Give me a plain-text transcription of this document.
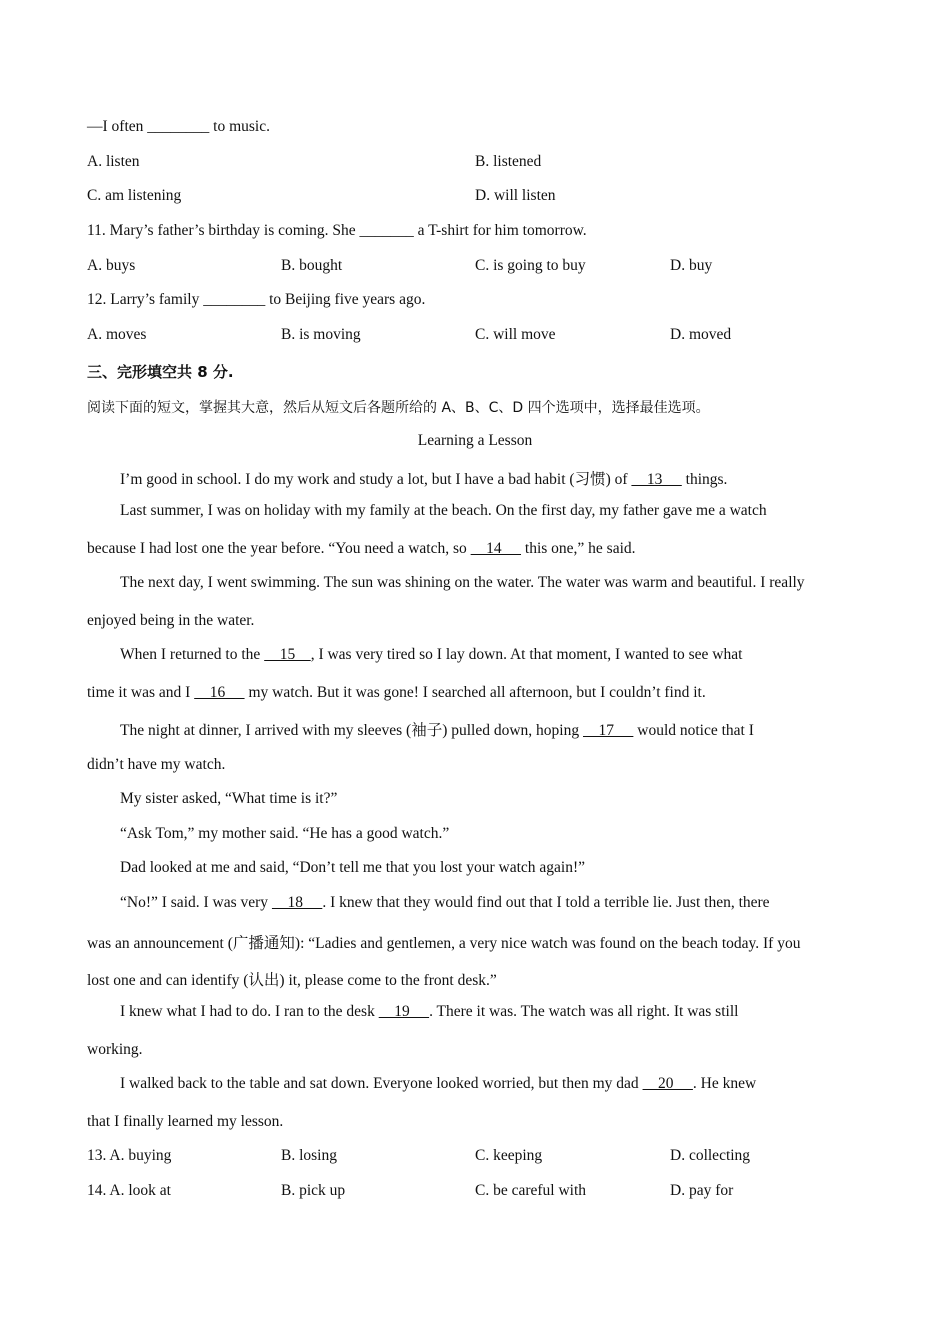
—I often ________ to music.
A. listen	B. listened
C. am listening	D. will listen
11. Mary’s father’s birthday is coming. She _______ a T-shirt for him tomorrow.
A. buys	B. bought	C. is going to buy	D. buy
12. Larry’s family ________ to Beijing five years ago.
A. moves	B. is moving	C. will move	D. moved
三、完形填空共 8 分.
阅读下面的短文，掌握其大意，然后从短文后各题所给的 A、B、C、D 四个选项中，选择最佳选项。
Learning a Lesson
I’m good in school. I do my work and study a lot, but I have a bad habit (习惯) of     13      things.
Last summer, I was on holiday with my family at the beach. On the first day, my father gave me a watch
because I had lost one the year before. “You need a watch, so     14      this one,” he said.
The next day, I went swimming. The sun was shining on the water. The water was warm and beautiful. I really
enjoyed being in the water.
When I returned to the     15    , I was very tired so I lay down. At that moment, I wanted to see what
time it was and I     16      my watch. But it was gone! I searched all afternoon, but I couldn’t find it.
The night at dinner, I arrived with my sleeves (袖子) pulled down, hoping     17      would notice that I
didn’t have my watch.
My sister asked, “What time is it?”
“Ask Tom,” my mother said. “He has a good watch.”
Dad looked at me and said, “Don’t tell me that you lost your watch again!”
“No!” I said. I was very     18     . I knew that they would find out that I told a terrible lie. Just then, there
was an announcement (广播通知): “Ladies and gentlemen, a very nice watch was found on the beach today. If you
lost one and can identify (认出) it, please come to the front desk.”
I knew what I had to do. I ran to the desk     19     . There it was. The watch was all right. It was still
working.
I walked back to the table and sat down. Everyone looked worried, but then my dad     20     . He knew
that I finally learned my lesson.
13. A. buying	B. losing	C. keeping	D. collecting
14. A. look at	B. pick up	C. be careful with	D. pay for
